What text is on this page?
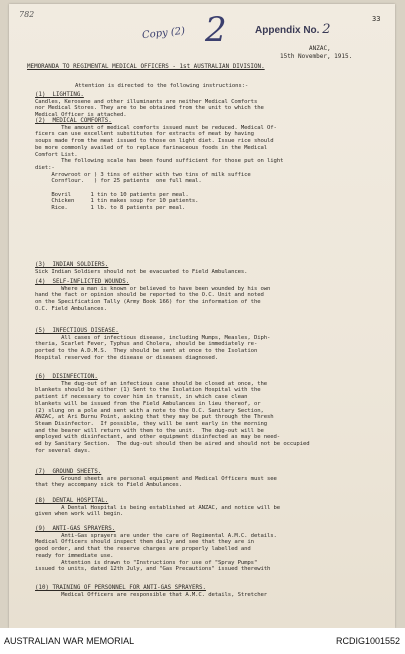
782
Copy (2) 2	Appendix No. 2
33
ANZAC,
15th November, 1915.
MEMORANDA TO REGIMENTAL MEDICAL OFFICERS - 1st AUSTRALIAN DIVISION.
Attention is directed to the following instructions:-
(1)  LIGHTING.
Candles, Kerosene and other illuminants are neither Medical Comforts
nor Medical Stores. They are to be obtained from the unit to which the
Medical Officer is attached.
(2)  MEDICAL COMFORTS.
The amount of medical comforts issued must be reduced. Medical Of-
ficers can use excellent substitutes for extracts of meat by having
soups made from the meat issued to those on light diet. Issue rice should
be more commonly availed of to replace farinaceous foods in the Medical
Comfort List.
The following scale has been found sufficient for those put on light
diet:-
Arrowroot or ) 3 tins of either with two tins of milk suffice
Cornflour.   ) for 25 patients  one full meal.
Bovril      1 tin to 10 patients per meal.
Chicken     1 tin makes soup for 10 patients.
Rice.       1 lb. to 8 patients per meal.
(3)  INDIAN SOLDIERS.
Sick Indian Soldiers should not be evacuated to Field Ambulances.
(4)  SELF-INFLICTED WOUNDS.
Where a man is known or believed to have been wounded by his own
hand the fact or opinion should be reported to the O.C. Unit and noted
on the Specification Tally (Army Book 166) for the information of the
O.C. Field Ambulances.
(5)  INFECTIOUS DISEASE.
All cases of infectious disease, including Mumps, Measles, Diph-
theria, Scarlet Fever, Typhus and Cholera, should be immediately re-
ported to the A.D.M.S.  They should be sent at once to the Isolation
Hospital reserved for the disease or diseases diagnosed.
(6)  DISINFECTION.
The dug-out of an infectious case should be closed at once, the
blankets should be either (1) Sent to the Isolation Hospital with the
patient if necessary to cover him in transit, in which case clean
blankets will be issued from the Field Ambulances in lieu thereof, or
(2) slung on a pole and sent with a note to the O.C. Sanitary Section,
ANZAC, at Ari Burnu Point, asking that they may be put through the Thresh
Steam Disinfector.  If possible, they will be sent early in the morning
and the bearer will return with them to the unit.  The dug-out will be
employed with disinfectant, and other equipment disinfected as may be need-
ed by Sanitary Section.  The dug-out should then be aired and should not be occupied
for several days.
(7)  GROUND SHEETS.
Ground sheets are personal equipment and Medical Officers must see
that they accompany sick to Field Ambulances.
(8)  DENTAL HOSPITAL.
A Dental Hospital is being established at ANZAC, and notice will be
given when work will begin.
(9)  ANTI-GAS SPRAYERS.
Anti-Gas sprayers are under the care of Regimental A.M.C. details.
Medical Officers should inspect them daily and see that they are in
good order, and that the reserve charges are properly labelled and
ready for immediate use.
Attention is drawn to "Instructions for use of "Spray Pumps"
issued to units, dated 12th July, and "Gas Precautions" issued therewith
(10) TRAINING OF PERSONNEL FOR ANTI-GAS SPRAYERS.
Medical Officers are responsible that A.M.C. details, Stretcher
AUSTRALIAN WAR MEMORIAL	RCDIG1001552
